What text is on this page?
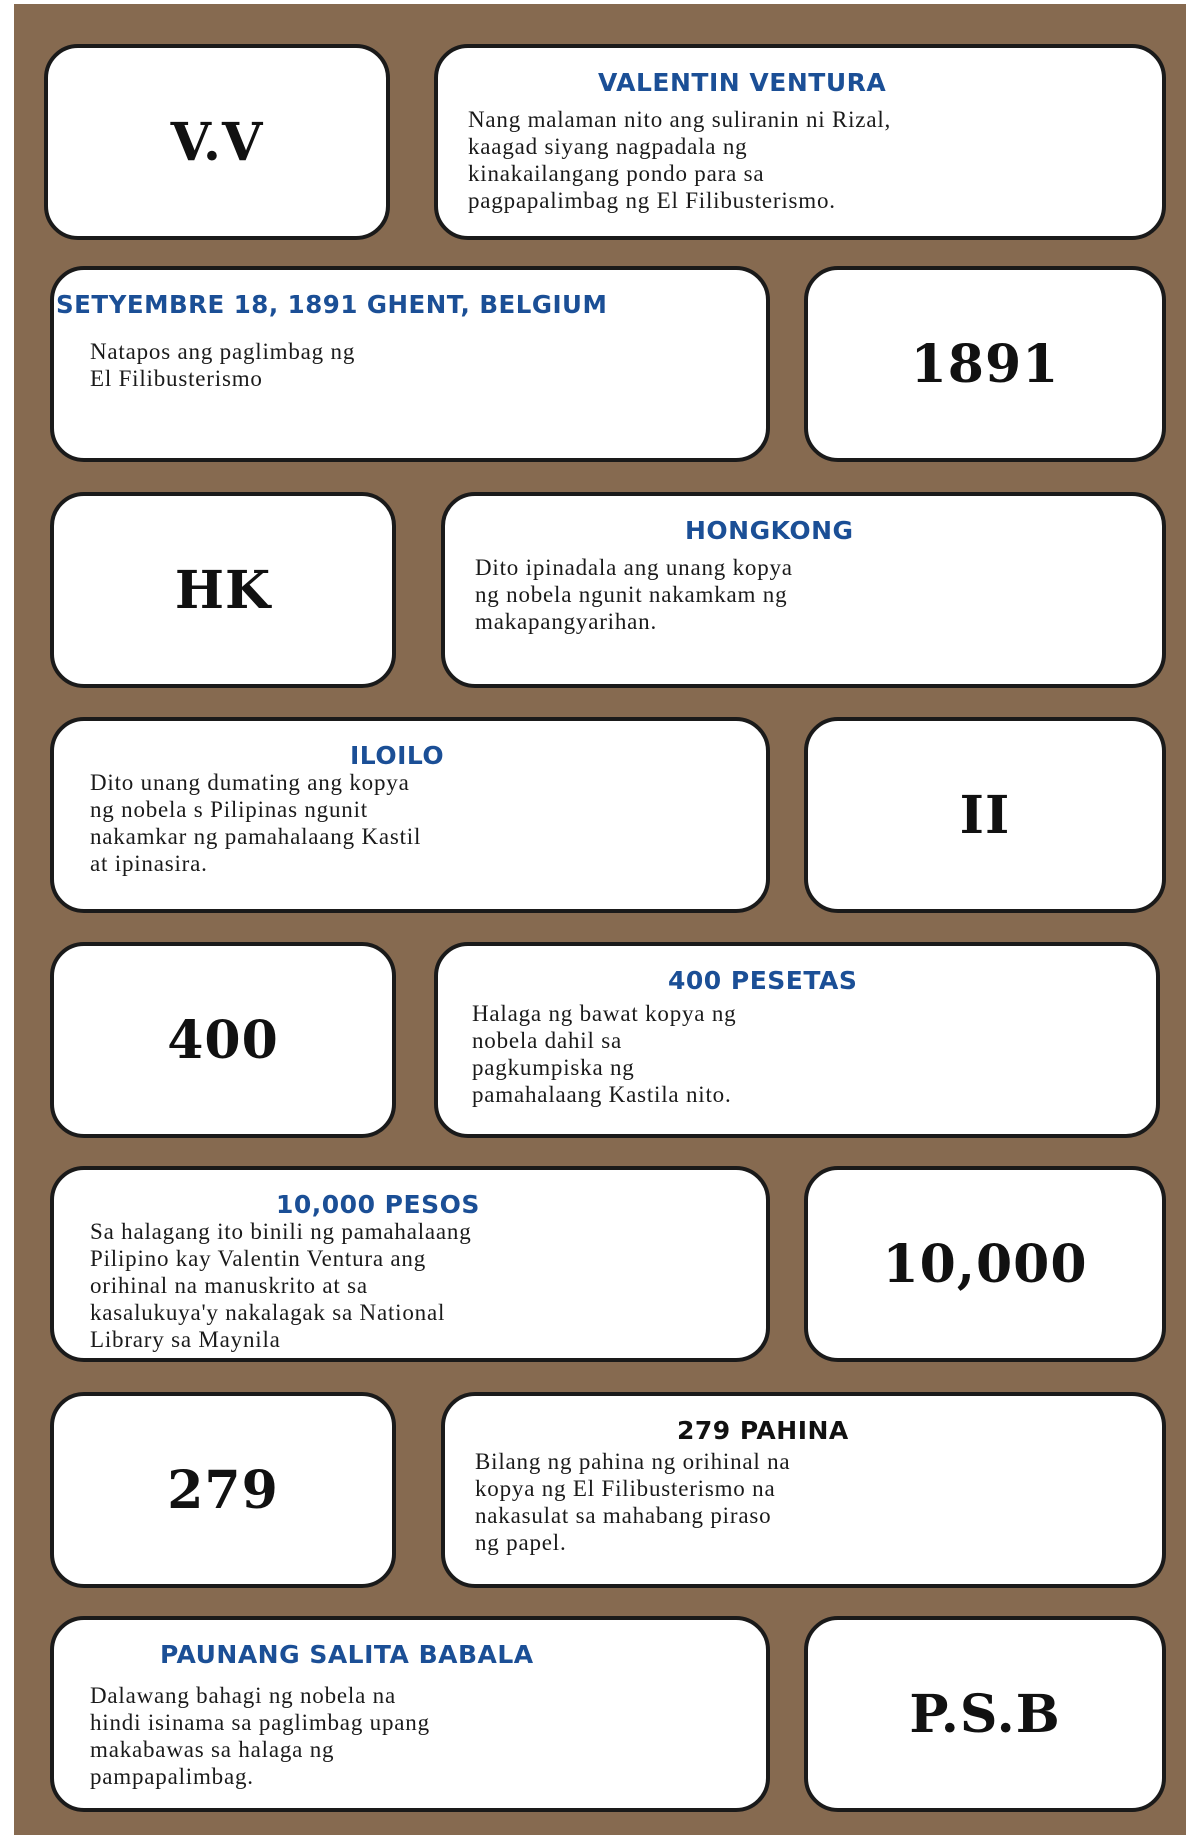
V.V
VALENTIN VENTURA
Nang malaman nito ang suliranin ni Rizal,
kaagad siyang nagpadala ng
kinakailangang pondo para sa
pagpapalimbag ng El Filibusterismo.
SETYEMBRE 18, 1891 GHENT, BELGIUM
Natapos ang paglimbag ng
El Filibusterismo	1891
HK
HONGKONG
Dito ipinadala ang unang kopya
ng nobela ngunit nakamkam ng
makapangyarihan.
ILOILO
Dito unang dumating ang kopya
ng nobela s Pilipinas ngunit
nakamkar ng pamahalaang Kastil
at ipinasira.
II
400
400 PESETAS
Halaga ng bawat kopya ng
nobela dahil sa
pagkumpiska ng
pamahalaang Kastila nito.
10,000 PESOS
Sa halagang ito binili ng pamahalaang
Pilipino kay Valentin Ventura ang
orihinal na manuskrito at sa
kasalukuya'y nakalagak sa National
Library sa Maynila
10,000
279
279 PAHINA
Bilang ng pahina ng orihinal na
kopya ng El Filibusterismo na
nakasulat sa mahabang piraso
ng papel.
PAUNANG SALITA BABALA
Dalawang bahagi ng nobela na
hindi isinama sa paglimbag upang
makabawas sa halaga ng
pampapalimbag.
P.S.B
